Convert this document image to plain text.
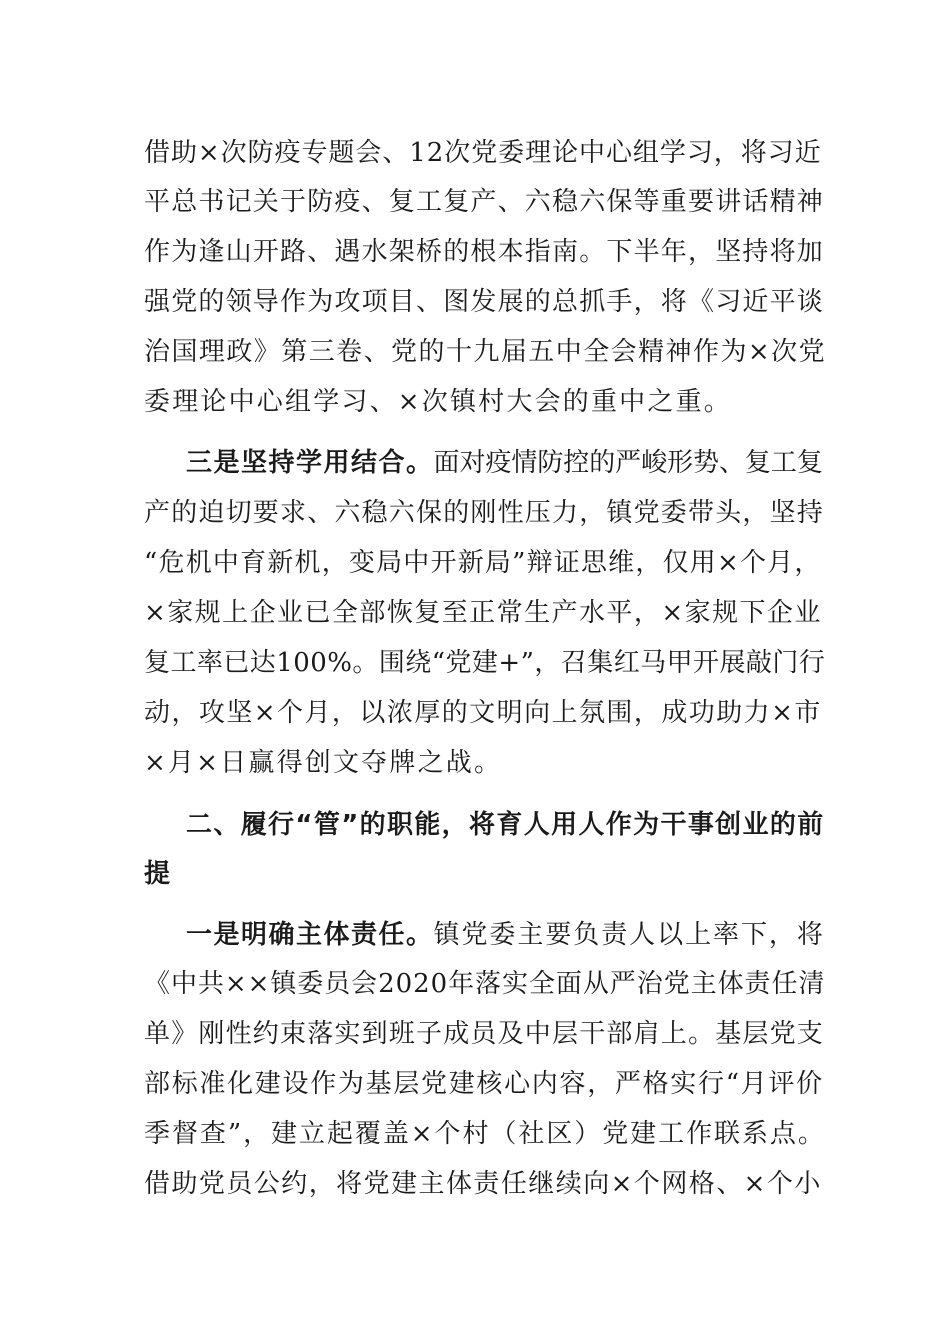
借助×次防疫专题会、12次党委理论中心组学习，将习近
平总书记关于防疫、复工复产、六稳六保等重要讲话精神
作为逢山开路、遇水架桥的根本指南。下半年，坚持将加
强党的领导作为攻项目、图发展的总抓手，将《习近平谈
治国理政》第三卷、党的十九届五中全会精神作为×次党
委理论中心组学习、×次镇村大会的重中之重。
三是坚持学用结合。面对疫情防控的严峻形势、复工复
产的迫切要求、六稳六保的刚性压力，镇党委带头，坚持
“危机中育新机，变局中开新局”辩证思维，仅用×个月，
×家规上企业已全部恢复至正常生产水平，×家规下企业
复工率已达100%。围绕“党建+”，召集红马甲开展敲门行
动，攻坚×个月，以浓厚的文明向上氛围，成功助力×市
×月×日赢得创文夺牌之战。
二、履行“管”的职能，将育人用人作为干事创业的前
提
一是明确主体责任。镇党委主要负责人以上率下，将
《中共××镇委员会2020年落实全面从严治党主体责任清
单》刚性约束落实到班子成员及中层干部肩上。基层党支
部标准化建设作为基层党建核心内容，严格实行“月评价
季督查”，建立起覆盖×个村（社区）党建工作联系点。
借助党员公约，将党建主体责任继续向×个网格、×个小
